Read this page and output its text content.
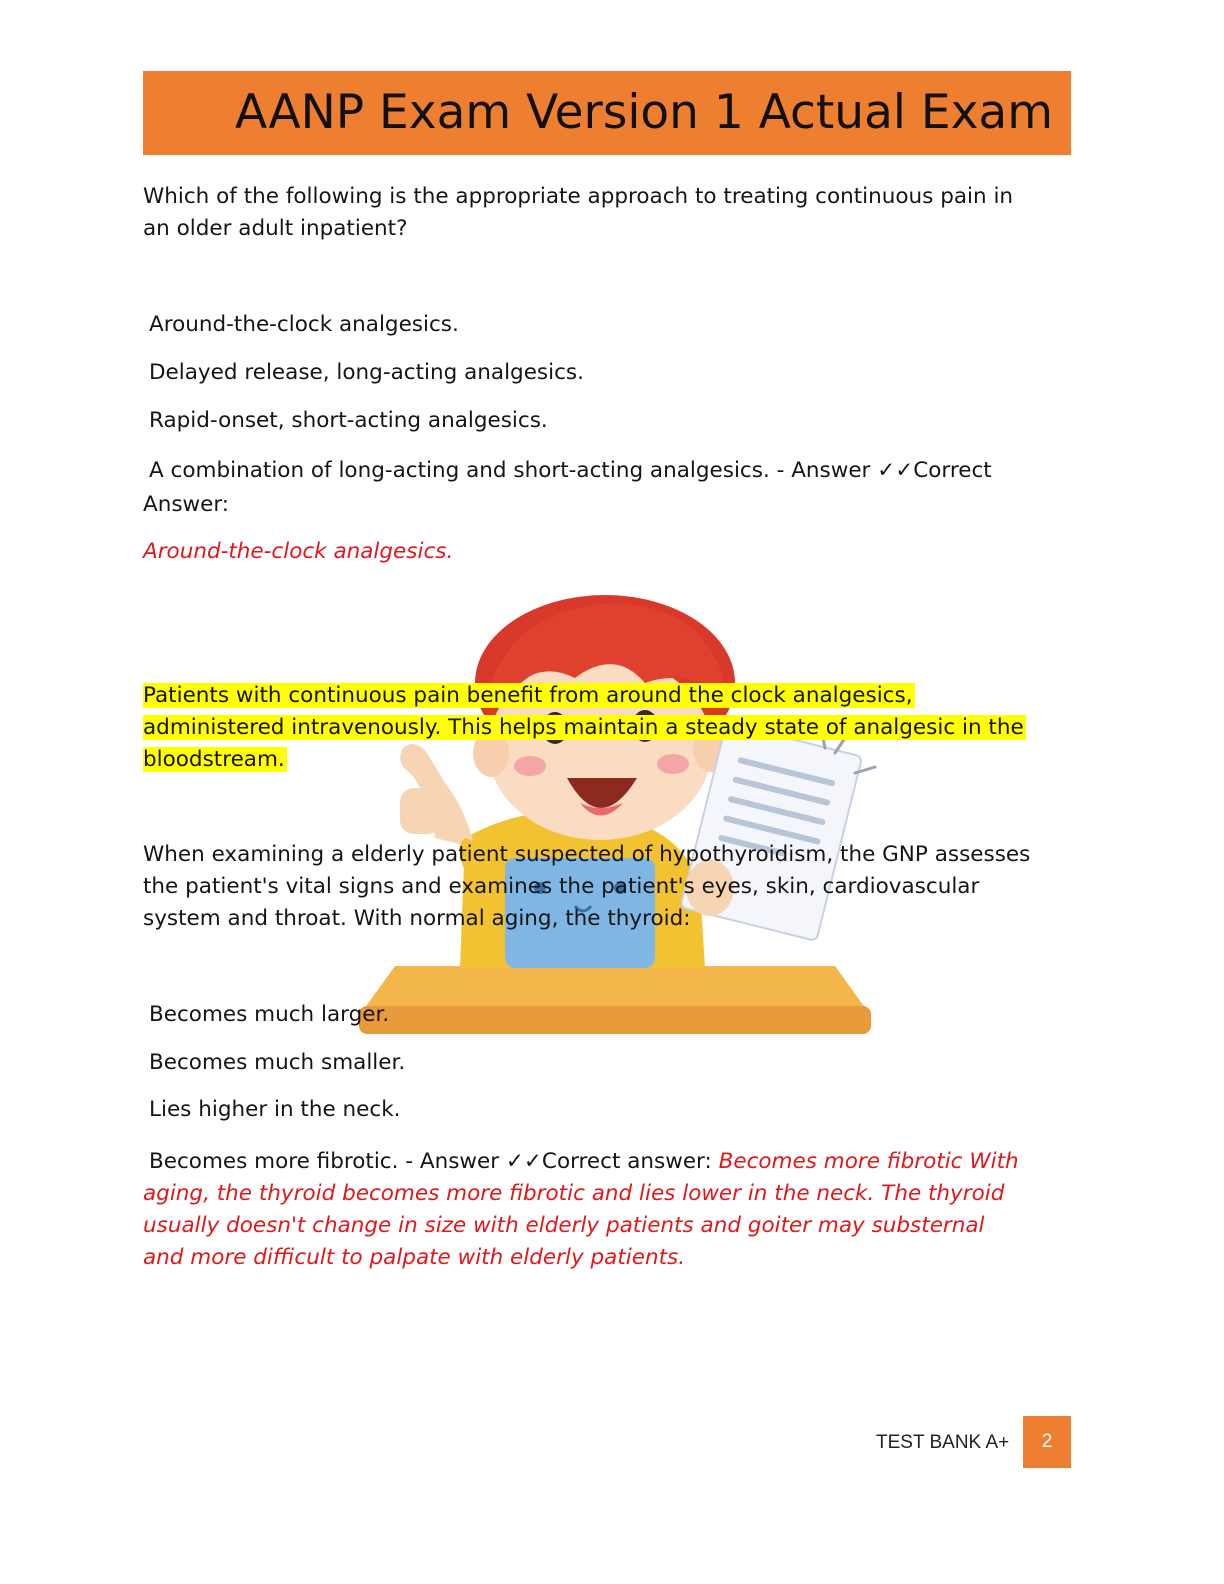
AANP Exam Version 1 Actual Exam
Which of the following is the appropriate approach to treating continuous pain in
an older adult inpatient?
Around-the-clock analgesics.
Delayed release, long-acting analgesics.
Rapid-onset, short-acting analgesics.
A combination of long-acting and short-acting analgesics. - Answer ✓✓Correct
Answer:
Around-the-clock analgesics.
Patients with continuous pain benefit from around the clock analgesics,
administered intravenously. This helps maintain a steady state of analgesic in the
bloodstream.
When examining a elderly patient suspected of hypothyroidism, the GNP assesses
the patient's vital signs and examines the patient's eyes, skin, cardiovascular
system and throat. With normal aging, the thyroid:
Becomes much larger.
Becomes much smaller.
Lies higher in the neck.
Becomes more fibrotic. - Answer ✓✓Correct answer: Becomes more fibrotic With
aging, the thyroid becomes more fibrotic and lies lower in the neck. The thyroid
usually doesn't change in size with elderly patients and goiter may substernal
and more difficult to palpate with elderly patients.
TEST BANK A+	2
